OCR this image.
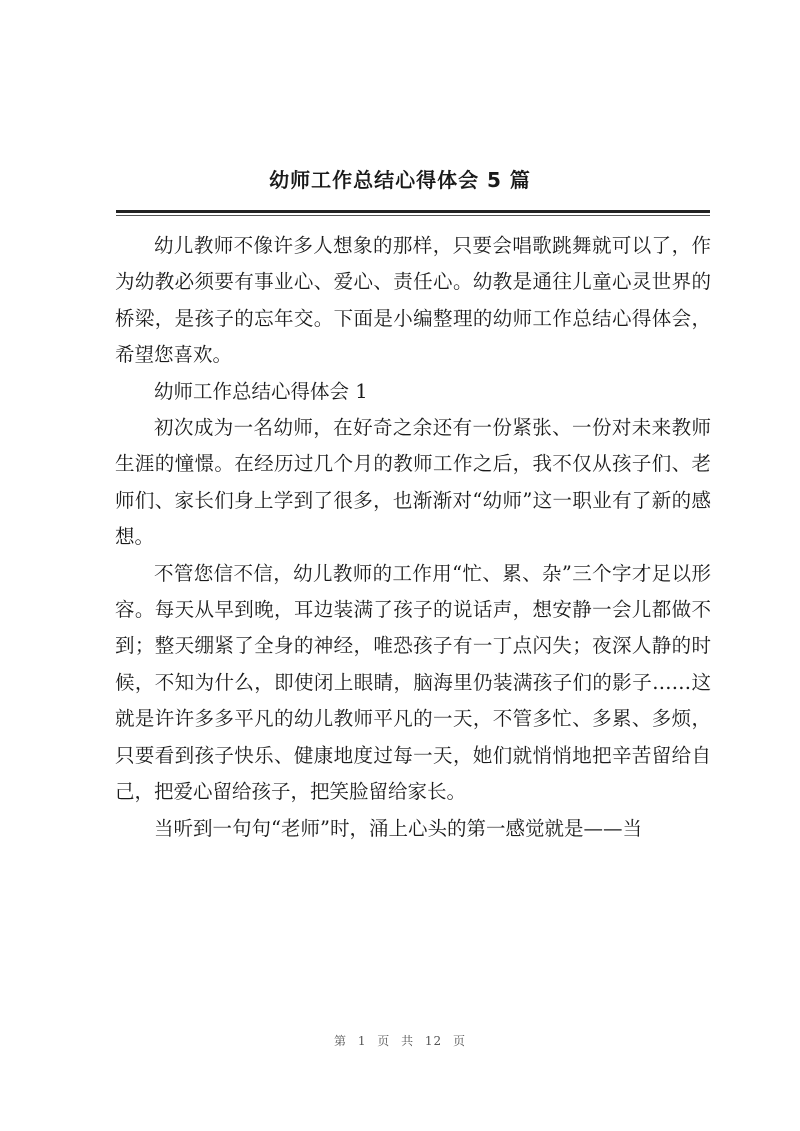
幼师工作总结心得体会 5 篇

幼儿教师不像许多人想象的那样，只要会唱歌跳舞就可以了，作为幼教必须要有事业心、爱心、责任心。幼教是通往儿童心灵世界的桥梁，是孩子的忘年交。下面是小编整理的幼师工作总结心得体会，希望您喜欢。

幼师工作总结心得体会 1

初次成为一名幼师，在好奇之余还有一份紧张、一份对未来教师生涯的憧憬。在经历过几个月的教师工作之后，我不仅从孩子们、老师们、家长们身上学到了很多，也渐渐对“幼师”这一职业有了新的感想。

不管您信不信，幼儿教师的工作用“忙、累、杂”三个字才足以形容。每天从早到晚，耳边装满了孩子的说话声，想安静一会儿都做不到；整天绷紧了全身的神经，唯恐孩子有一丁点闪失；夜深人静的时候，不知为什么，即使闭上眼睛，脑海里仍装满孩子们的影子……这就是许许多多平凡的幼儿教师平凡的一天，不管多忙、多累、多烦，只要看到孩子快乐、健康地度过每一天，她们就悄悄地把辛苦留给自己，把爱心留给孩子，把笑脸留给家长。

当听到一句句“老师”时，涌上心头的第一感觉就是——当

第 1 页 共 12 页
